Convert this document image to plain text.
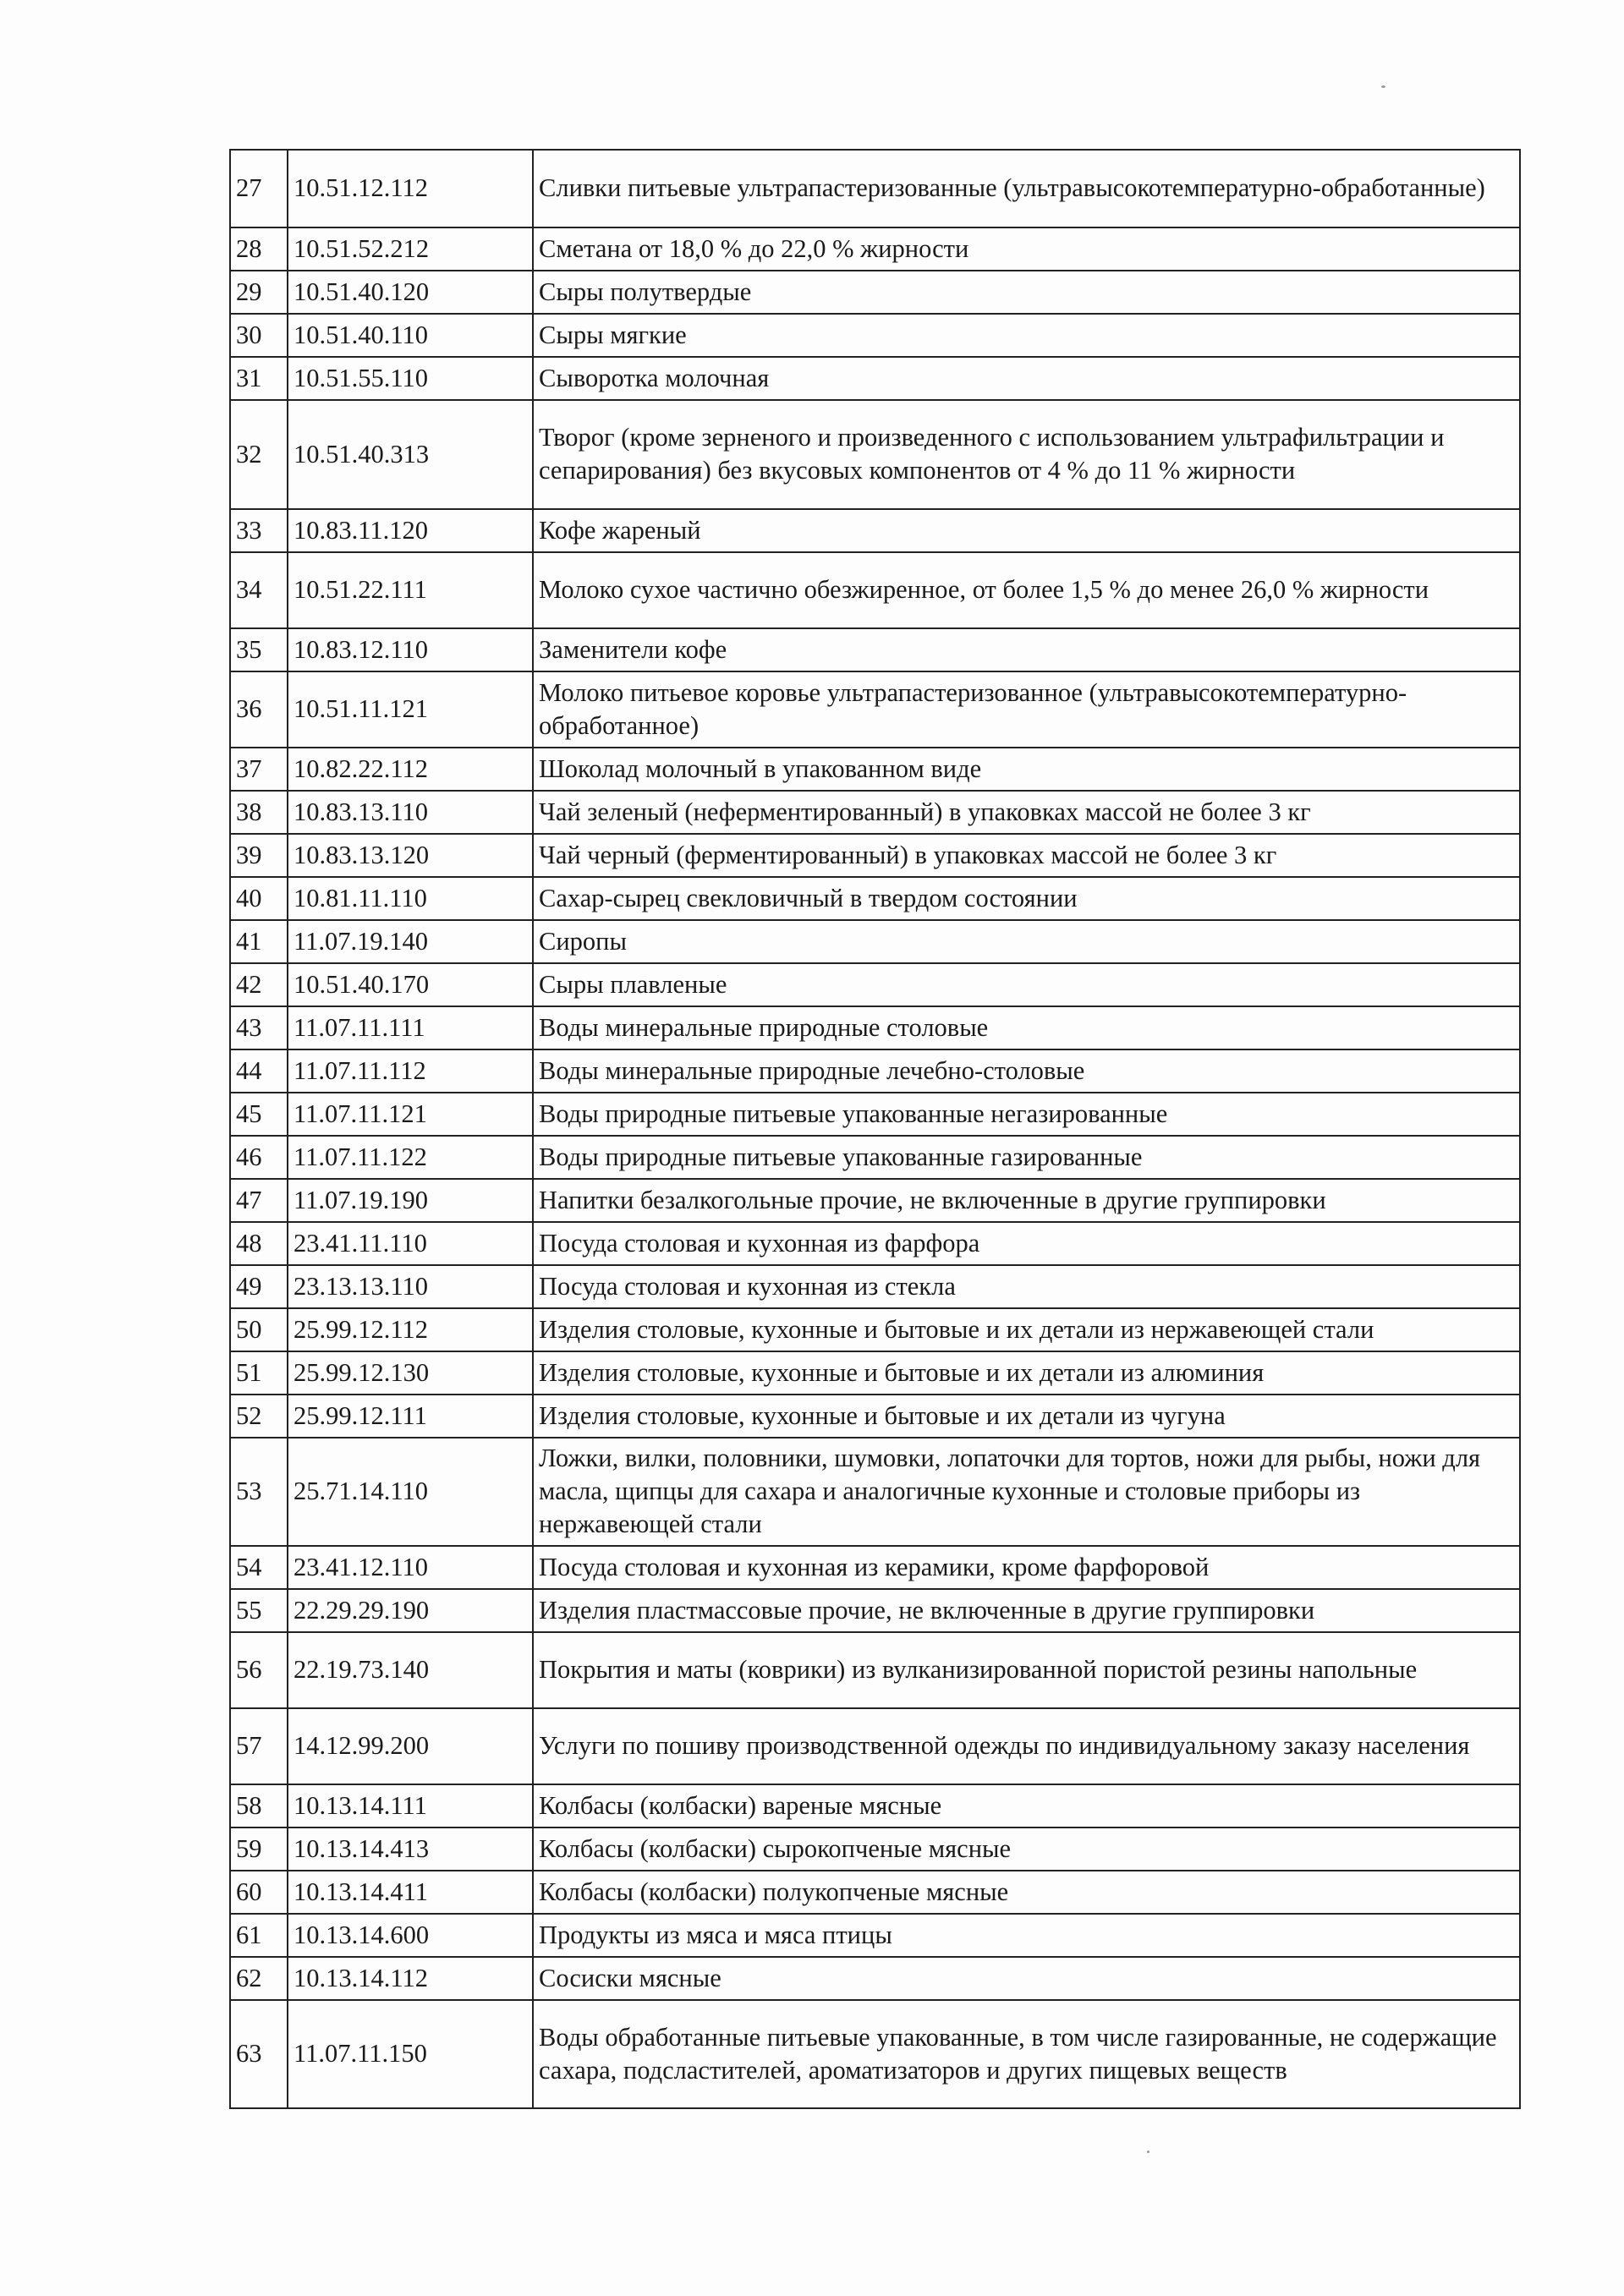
27	10.51.12.112	Сливки питьевые ультрапастеризованные (ультравысокотемпературно-обработанные)
28	10.51.52.212	Сметана от 18,0 % до 22,0 % жирности
29	10.51.40.120	Сыры полутвердые
30	10.51.40.110	Сыры мягкие
31	10.51.55.110	Сыворотка молочная
32	10.51.40.313	Творог (кроме зерненого и произведенного с использованием ультрафильтрации и сепарирования) без вкусовых компонентов от 4 % до 11 % жирности
33	10.83.11.120	Кофе жареный
34	10.51.22.111	Молоко сухое частично обезжиренное, от более 1,5 % до менее 26,0 % жирности
35	10.83.12.110	Заменители кофе
36	10.51.11.121	Молоко питьевое коровье ультрапастеризованное (ультравысокотемпературно-обработанное)
37	10.82.22.112	Шоколад молочный в упакованном виде
38	10.83.13.110	Чай зеленый (неферментированный) в упаковках массой не более 3 кг
39	10.83.13.120	Чай черный (ферментированный) в упаковках массой не более 3 кг
40	10.81.11.110	Сахар-сырец свекловичный в твердом состоянии
41	11.07.19.140	Сиропы
42	10.51.40.170	Сыры плавленые
43	11.07.11.111	Воды минеральные природные столовые
44	11.07.11.112	Воды минеральные природные лечебно-столовые
45	11.07.11.121	Воды природные питьевые упакованные негазированные
46	11.07.11.122	Воды природные питьевые упакованные газированные
47	11.07.19.190	Напитки безалкогольные прочие, не включенные в другие группировки
48	23.41.11.110	Посуда столовая и кухонная из фарфора
49	23.13.13.110	Посуда столовая и кухонная из стекла
50	25.99.12.112	Изделия столовые, кухонные и бытовые и их детали из нержавеющей стали
51	25.99.12.130	Изделия столовые, кухонные и бытовые и их детали из алюминия
52	25.99.12.111	Изделия столовые, кухонные и бытовые и их детали из чугуна
53	25.71.14.110	Ложки, вилки, половники, шумовки, лопаточки для тортов, ножи для рыбы, ножи для масла, щипцы для сахара и аналогичные кухонные и столовые приборы из нержавеющей стали
54	23.41.12.110	Посуда столовая и кухонная из керамики, кроме фарфоровой
55	22.29.29.190	Изделия пластмассовые прочие, не включенные в другие группировки
56	22.19.73.140	Покрытия и маты (коврики) из вулканизированной пористой резины напольные
57	14.12.99.200	Услуги по пошиву производственной одежды по индивидуальному заказу населения
58	10.13.14.111	Колбасы (колбаски) вареные мясные
59	10.13.14.413	Колбасы (колбаски) сырокопченые мясные
60	10.13.14.411	Колбасы (колбаски) полукопченые мясные
61	10.13.14.600	Продукты из мяса и мяса птицы
62	10.13.14.112	Сосиски мясные
63	11.07.11.150	Воды обработанные питьевые упакованные, в том числе газированные, не содержащие сахара, подсластителей, ароматизаторов и других пищевых веществ
